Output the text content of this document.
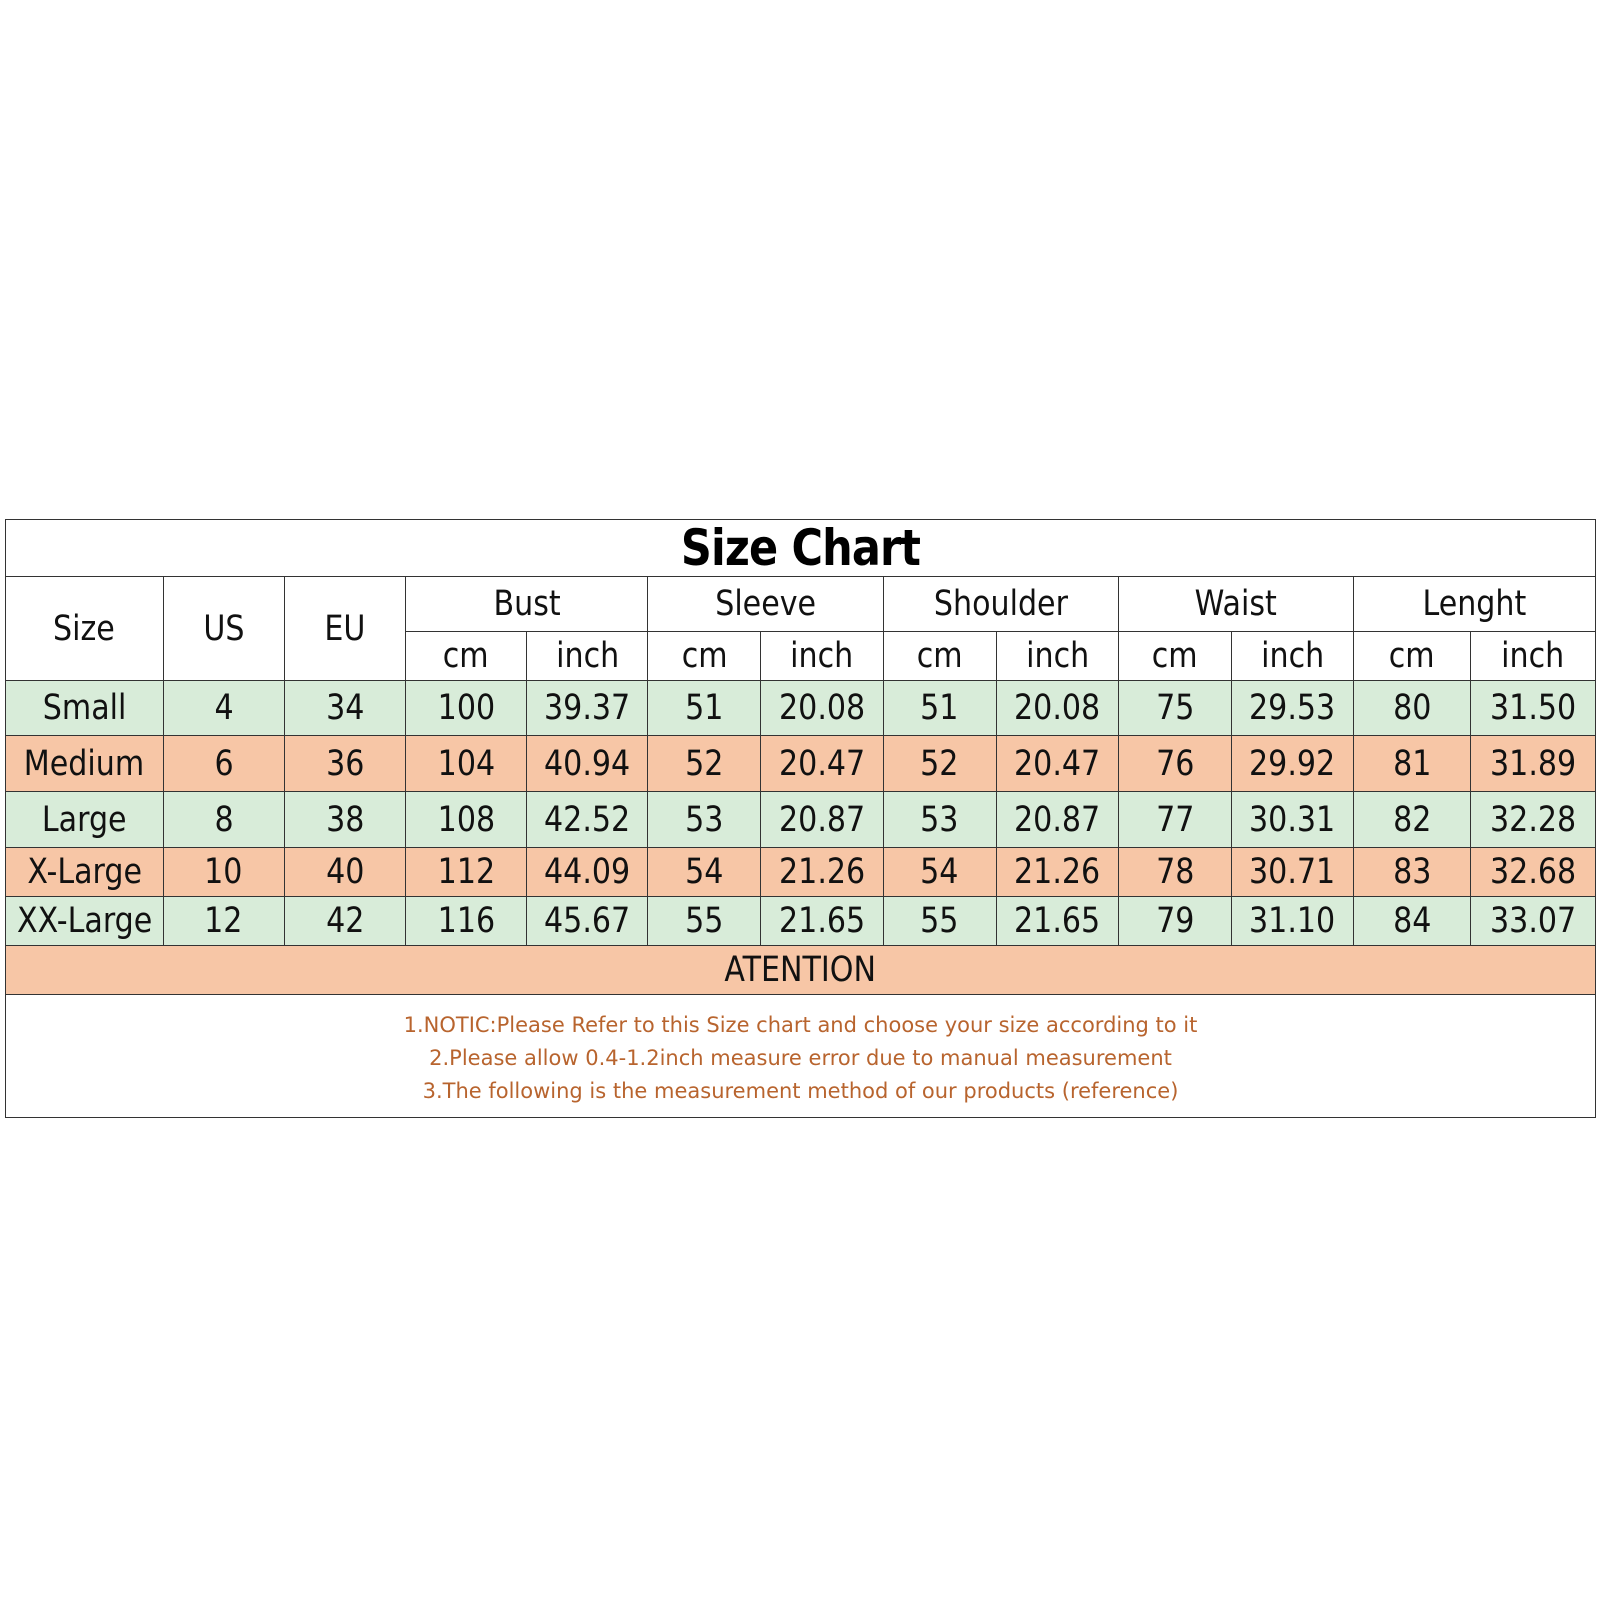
Size Chart
Size	US	EU	Bust		Sleeve		Shoulder		Waist		Lenght	
			cm	inch	cm	inch	cm	inch	cm	inch	cm	inch
Small	4	34	100	39.37	51	20.08	51	20.08	75	29.53	80	31.50
Medium	6	36	104	40.94	52	20.47	52	20.47	76	29.92	81	31.89
Large	8	38	108	42.52	53	20.87	53	20.87	77	30.31	82	32.28
X-Large	10	40	112	44.09	54	21.26	54	21.26	78	30.71	83	32.68
XX-Large	12	42	116	45.67	55	21.65	55	21.65	79	31.10	84	33.07
ATENTION												
1.NOTIC:Please Refer to this Size chart and choose your size according to it
2.Please allow 0.4-1.2inch measure error due to manual measurement
3.The following is the measurement method of our products (reference)
